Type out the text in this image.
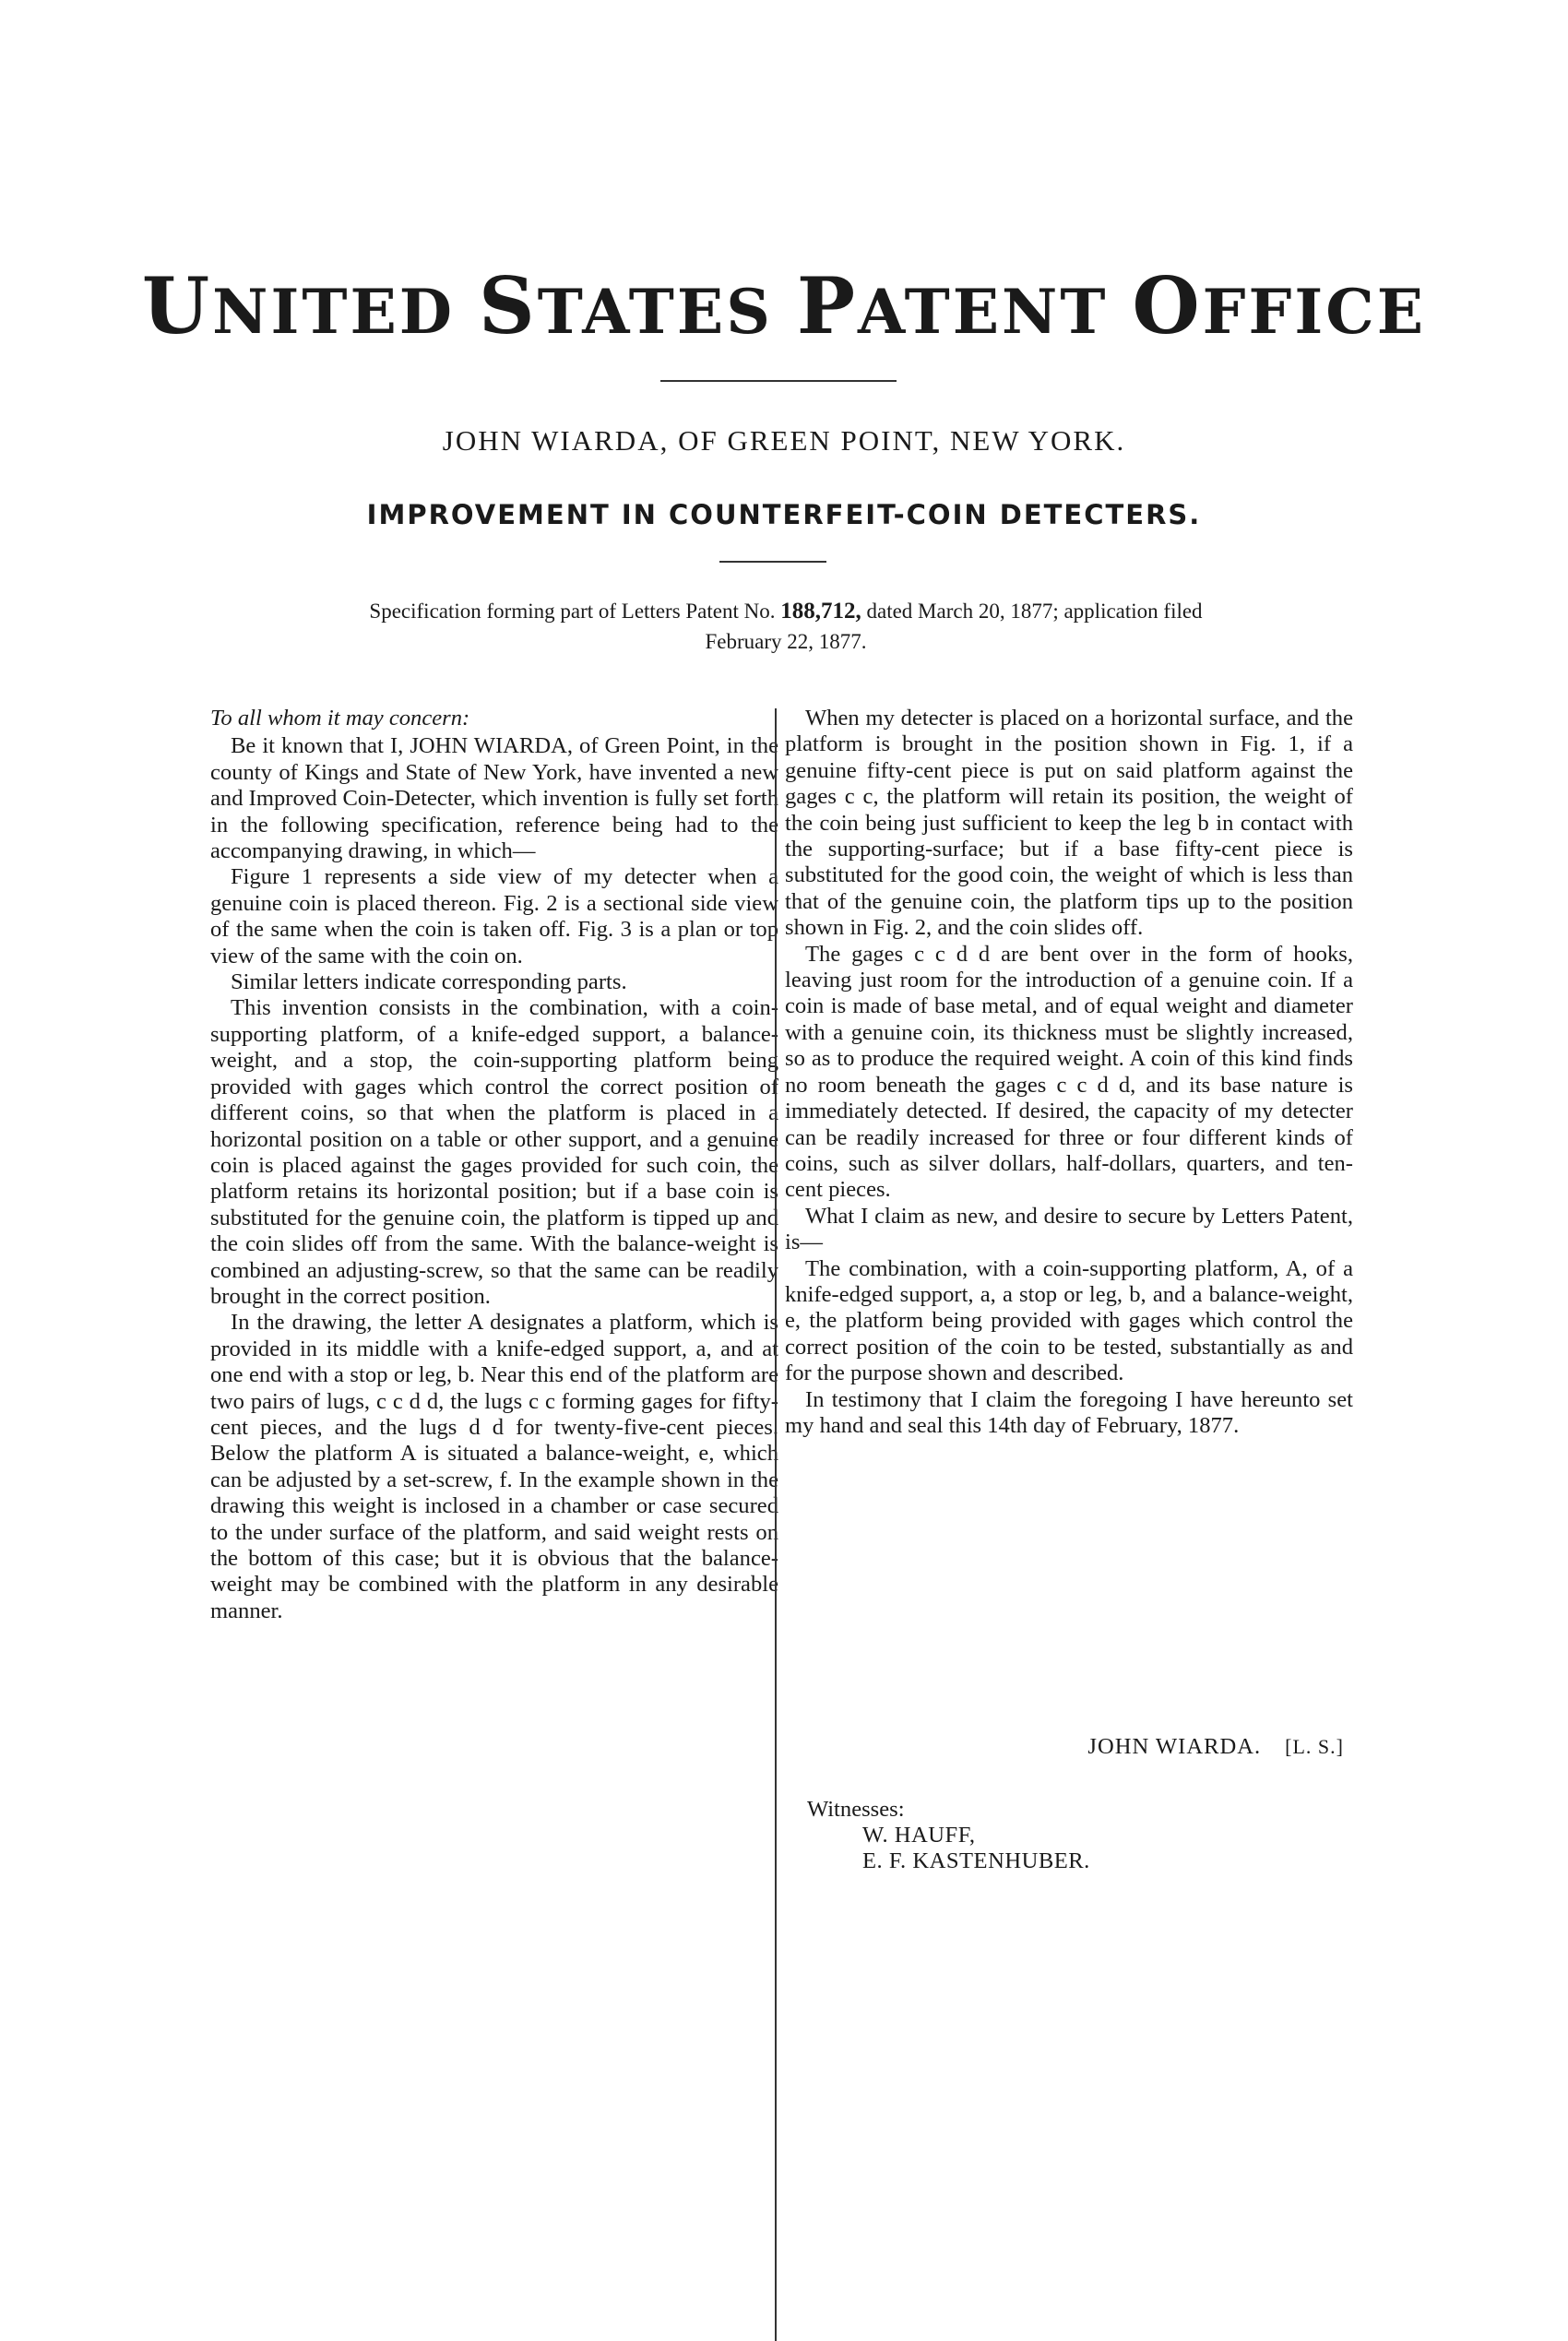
UNITED STATES PATENT OFFICE

JOHN WIARDA, OF GREEN POINT, NEW YORK.

IMPROVEMENT IN COUNTERFEIT-COIN DETECTERS.

Specification forming part of Letters Patent No. 188,712, dated March 20, 1877; application filed
February 22, 1877.

To all whom it may concern:

Be it known that I, JOHN WIARDA, of Green Point, in the county of Kings and State of New York, have invented a new and Improved Coin-Detecter, which invention is fully set forth in the following specification, reference being had to the accompanying drawing, in which—

Figure 1 represents a side view of my detecter when a genuine coin is placed thereon. Fig. 2 is a sectional side view of the same when the coin is taken off. Fig. 3 is a plan or top view of the same with the coin on.

Similar letters indicate corresponding parts.

This invention consists in the combination, with a coin-supporting platform, of a knife-edged support, a balance-weight, and a stop, the coin-supporting platform being provided with gages which control the correct position of different coins, so that when the platform is placed in a horizontal position on a table or other support, and a genuine coin is placed against the gages provided for such coin, the platform retains its horizontal position; but if a base coin is substituted for the genuine coin, the platform is tipped up and the coin slides off from the same. With the balance-weight is combined an adjusting-screw, so that the same can be readily brought in the correct position.

In the drawing, the letter A designates a platform, which is provided in its middle with a knife-edged support, a, and at one end with a stop or leg, b. Near this end of the platform are two pairs of lugs, c c d d, the lugs c c forming gages for fifty-cent pieces, and the lugs d d for twenty-five-cent pieces. Below the platform A is situated a balance-weight, e, which can be adjusted by a set-screw, f. In the example shown in the drawing this weight is inclosed in a chamber or case secured to the under surface of the platform, and said weight rests on the bottom of this case; but it is obvious that the balance-weight may be combined with the platform in any desirable manner.

When my detecter is placed on a horizontal surface, and the platform is brought in the position shown in Fig. 1, if a genuine fifty-cent piece is put on said platform against the gages c c, the platform will retain its position, the weight of the coin being just sufficient to keep the leg b in contact with the supporting-surface; but if a base fifty-cent piece is substituted for the good coin, the weight of which is less than that of the genuine coin, the platform tips up to the position shown in Fig. 2, and the coin slides off.

The gages c c d d are bent over in the form of hooks, leaving just room for the introduction of a genuine coin. If a coin is made of base metal, and of equal weight and diameter with a genuine coin, its thickness must be slightly increased, so as to produce the required weight. A coin of this kind finds no room beneath the gages c c d d, and its base nature is immediately detected. If desired, the capacity of my detecter can be readily increased for three or four different kinds of coins, such as silver dollars, half-dollars, quarters, and ten-cent pieces.

What I claim as new, and desire to secure by Letters Patent, is—

The combination, with a coin-supporting platform, A, of a knife-edged support, a, a stop or leg, b, and a balance-weight, e, the platform being provided with gages which control the correct position of the coin to be tested, substantially as and for the purpose shown and described.

In testimony that I claim the foregoing I have hereunto set my hand and seal this 14th day of February, 1877.

JOHN WIARDA. [L. S.]
Witnesses:
W. HAUFF,
E. F. KASTENHUBER.
